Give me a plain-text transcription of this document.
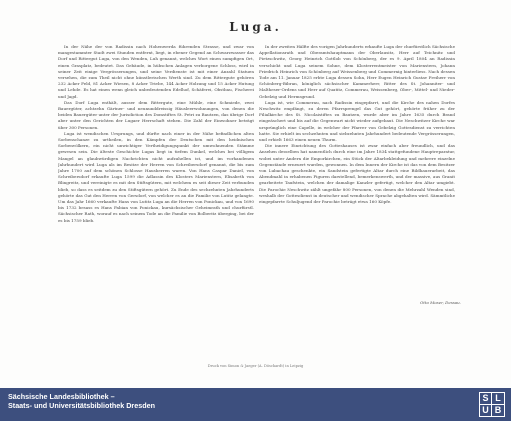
Luga.

In der Nähe der von Radissin nach Hohenwerda führenden Strasse, und zwar von mangestammter Stadt zwei Stunden entfernt, liegt, in ebener Gegend an Schwarzwasser das Dorf und Rittergut Luga, von den Wenden, Luh genannt, welches Wort einen sumpfigen Ort, einen Grasplatz, bedeutet. Das Gebäude, in hübschen Anlagen verborgene Schloss, wird in seiner Zeit einige Vergrösserungen, und seine Verdienste ist mit einer Anzahl Statuen versehen, die zum Theil nicht ohne künstlerischen Werth sind. Zu dem Rittergute gehören 232 Acker Feld, 81 Acker Wiesen, 8 Acker Triebe, 144 Acker Holzung und 15 Acker Hutung und Lehde. Es hat einen wenn gleich unbedeutenden Edelhof, Schäferei, Obstbau, Fischerei und Jagd.

Das Dorf Luga enthält, ausser dem Rittergute, eine Mühle, eine Schmiede, zwei Bauergüter, achtzehn Gärtner- und neununddreissig Häusleerwohnungen, von denen die beiden Bauergüter unter der Jurisdiction des Domstiftes St. Petri zu Bautzen, das übrige Dorf aber unter den Gerichten der Lugaer Herrschaft stehen. Die Zahl der Einwohner beträgt über 300 Personen.

Luga ist wendischen Ursprungs, und dürfte nach einer in der Nähe befindlichen alten Sorbenschanze zu urtheilen, in den Kämpfen der Deutschen mit den heidnischen Sorbenvölkern, ein nicht unwichtiger Vertheidigungspunkt der umwohnenden Stämme gewesen sein. Die älteste Geschichte Lugas liegt in tiefem Dunkel, welches bei völligem Mangel an glaubwürdigen Nachrichten nicht aufzuhellen ist, und im vorhandenen Jahrhundert wird Luga als im Besitze der Herren von Schreibersdorf genannt, die bis zum Jahre 1700 auf dem schönen Schlosse Hausherren waren. Von Hans Caspar Daniel, von Schreibersdorf erkaufte Luga 1599 die Adlassin des Klosters Marienstern, Elisabeth von Blingreitz, und vereinigte es mit den Stiftsgütern, mit welchem es seit dieser Zeit verbunden blieb, so dass es seitdem zu den Stiftsgütern gehört. Zu Ende des sechzehnten Jahrhunderts gehörte das Gut den Herren von Gersdorf, von welcher es an die Familie von Lutitz gelangte. Um das Jahr 1660 verkaufte Hans von Lutitz Luga an die Herren von Ponickau, und von 1690 bis 1732 besass es Hans Fabian von Ponickau, kursächsischer Geheimrath und churfürstl. Sächsischer Rath, worauf es nach seinem Tode an die Familie von Bolberitz überging, bei der es bis 1759 blieb.

In der zweiten Hälfte des vorigen Jahrhunderts erkaufte Luga der churfürstlich Sächsische Appellationsrath und Oberamtshauptmann der Oberlausitz, Herr auf Teichnitz und Pietzschwitz, Georg Heinrich Gottlob von Schönberg, der es 9. April 1804 an Radissin verschickt und Luga seinem Sohne, dem Klosterrentmeister von Marienstern, Johann Friedrich Heinrich von Schönberg auf Weissenberg und Commernig hinterliess. Nach dessen Tode am 11. Januar 1825 erbte Luga dessen Sohn, Herr Eugen Heinrich Gustav Freiherr von Schönberg-Bibran, königlich sächsischer Kammerherr, Ritter des St. Johanniter- und Maltheser-Ordens und Herr auf Quatitz, Commerau, Weissenberg, Ober-, Mittel- und Nieder-Gebelzig und Hermsgrund.

Luga ist, wie Commerau, nach Radissin eingepfarrt, und die Kirche des nahen Dorfes Neschwitz empfängt, zu deren Pfarrsprengel das Gut gehört, gehörte früher zu der Filialkirche des St. Nicolaistiftes zu Bautzen, wurde aber im Jahre 1635 durch Brand eingeäschert und bis auf die Gegenwart nicht wieder aufgebaut. Die Neschwitzer Kirche war ursprünglich eine Capelle, in welcher der Pfarrer von Gebelzig Gottesdienst zu verrichten hatte. Sie erhielt im sechzehnten und siebzehnten Jahrhundert bedeutende Vergrösserungen, und erhielt 1663 einen neuen Thurm.

Die innere Einrichtung des Gotteshauses ist zwar einfach aber freundlich, und das Ansehen desselben hat namentlich durch eine im Jahre 1834 stattgefundene Hauptreparatur, wobei unter Andern die Emporkirchen, ein Stück der Altarbekleidung und mehrere einzelne Gegenstände erneuert wurden, gewonnen. In dem Innern der Kirche ist das von dem Besitzer von Lubachau geschenkte, ein Sandstein gefertigte Altar durch eine Bildhauerarbeit, das Abendmahl in erhabenen Figuren darstellend, bemerkenswerth, und der massive, aus Granit gearbeitete Taufstein, welchen der damalige Kanzler gefertigt, welcher den Altar umgiebt. Die Parochie Neschwitz zählt ungefähr 800 Personen, von denen die Mehrzahl Wenden sind, weshalb der Gottesdienst in deutscher und wendischer Sprache abgehalten wird. Sämmtliche eingepfarrte Schuljugend der Parochie beträgt etwa 160 Köpfe.

Otto Moser, Dessau.
Druck von Simon & Jaeger (A. Döschardt) in Leipzig
Sächsische Landesbibliothek –
Staats- und Universitätsbibliothek Dresden
S L
U B
